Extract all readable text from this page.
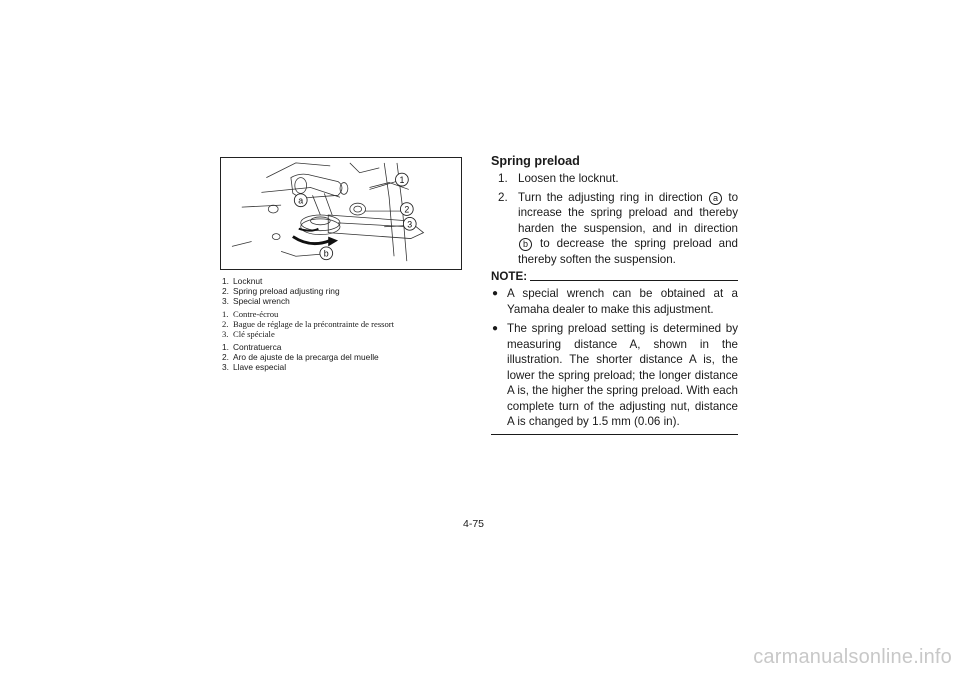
1
2
3
a
b
1. Locknut
2. Spring preload adjusting ring
3. Special wrench
1. Contre-écrou
2. Bague de réglage de la précontrainte de ressort
3. Clé spéciale
1. Contratuerca
2. Aro de ajuste de la precarga del muelle
3. Llave especial
Spring preload
1. Loosen the locknut.
2. Turn the adjusting ring in direction a to increase the spring preload and thereby harden the suspension, and in direction b to decrease the spring preload and thereby soften the suspension.
NOTE:
● A special wrench can be obtained at a Yamaha dealer to make this adjustment.
● The spring preload setting is determined by measuring distance A, shown in the illustration. The shorter distance A is, the lower the spring preload; the longer distance A is, the higher the spring preload. With each complete turn of the adjusting nut, distance A is changed by 1.5 mm (0.06 in).
4-75
carmanualsonline.info
